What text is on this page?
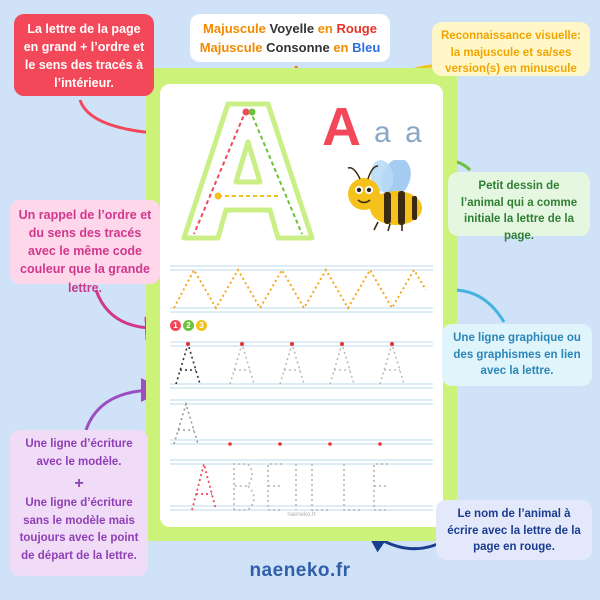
A a a
1	2	3
naeneko.fr
La lettre de la page en grand + l’ordre et le sens des tracés à l’intérieur.
Majuscule Voyelle en Rouge
Majuscule Consonne en Bleu
Reconnaissance visuelle: la majuscule et sa/ses version(s) en minuscule
Petit dessin de l’animal qui a comme initiale la lettre de la page.
Un rappel de l’ordre et du sens des tracés avec le même code couleur que la grande lettre.
Une ligne graphique ou des graphismes en lien avec la lettre.
Une ligne d’écriture avec le modèle.
+
Une ligne d’écriture sans le modèle mais toujours avec le point de départ de la lettre.
Le nom de l’animal à écrire avec la lettre de la page en rouge.
naeneko.fr
